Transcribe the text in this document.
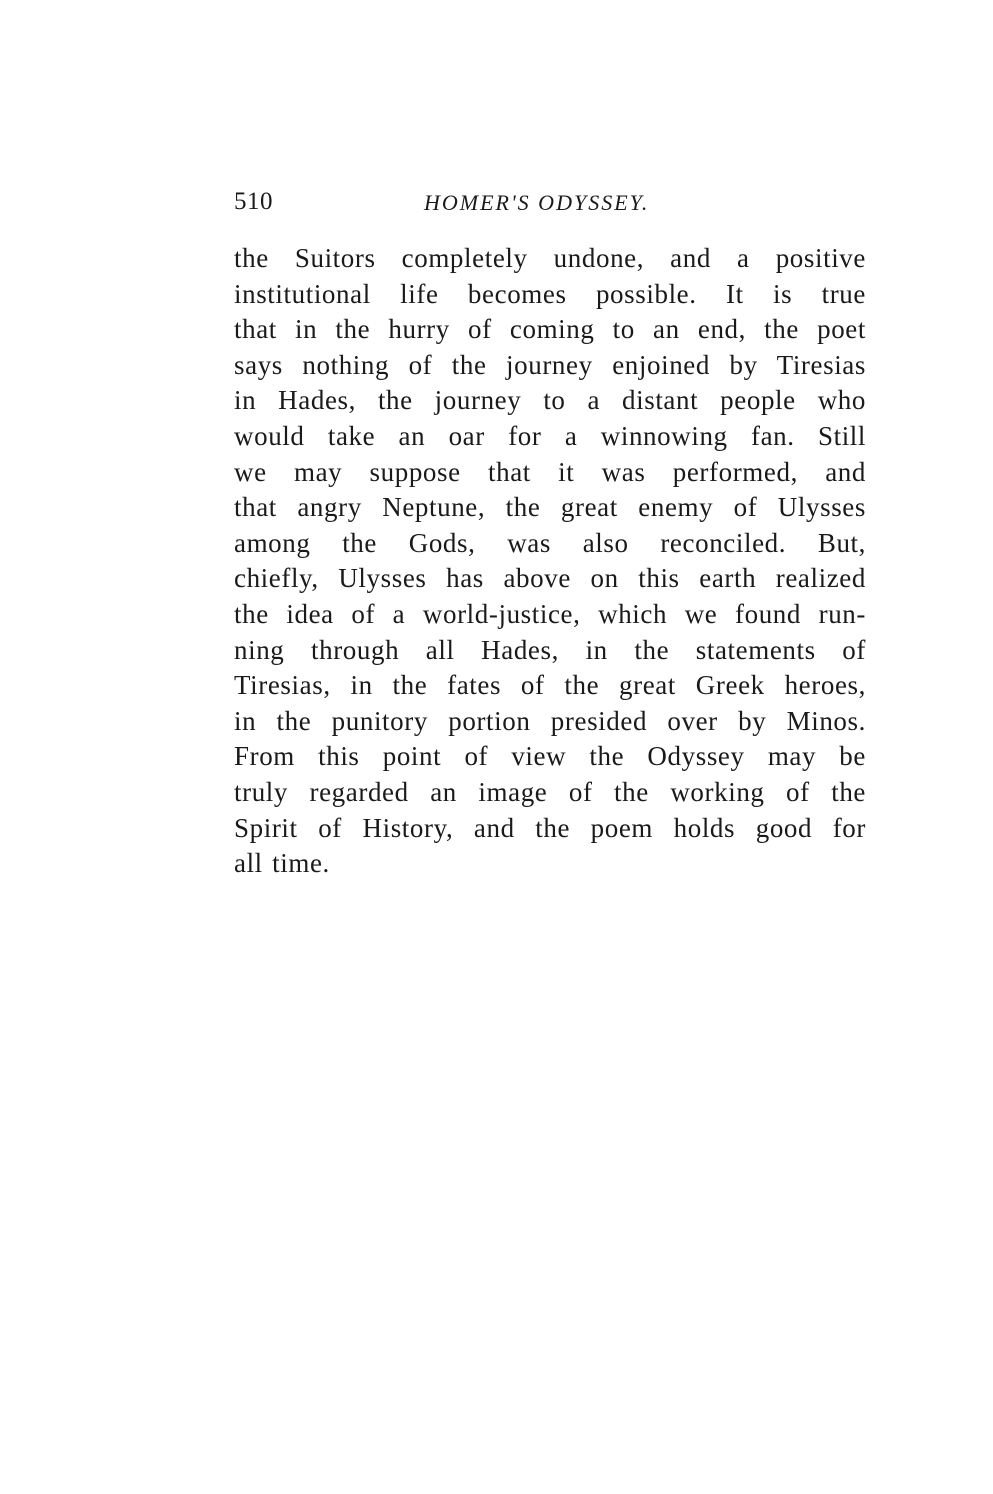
510	HOMER'S ODYSSEY.
the Suitors completely undone, and a positive
institutional life becomes possible. It is true
that in the hurry of coming to an end, the poet
says nothing of the journey enjoined by Tiresias
in Hades, the journey to a distant people who
would take an oar for a winnowing fan. Still
we may suppose that it was performed, and
that angry Neptune, the great enemy of Ulysses
among the Gods, was also reconciled. But,
chiefly, Ulysses has above on this earth realized
the idea of a world-justice, which we found run-
ning through all Hades, in the statements of
Tiresias, in the fates of the great Greek heroes,
in the punitory portion presided over by Minos.
From this point of view the Odyssey may be
truly regarded an image of the working of the
Spirit of History, and the poem holds good for
all time.
